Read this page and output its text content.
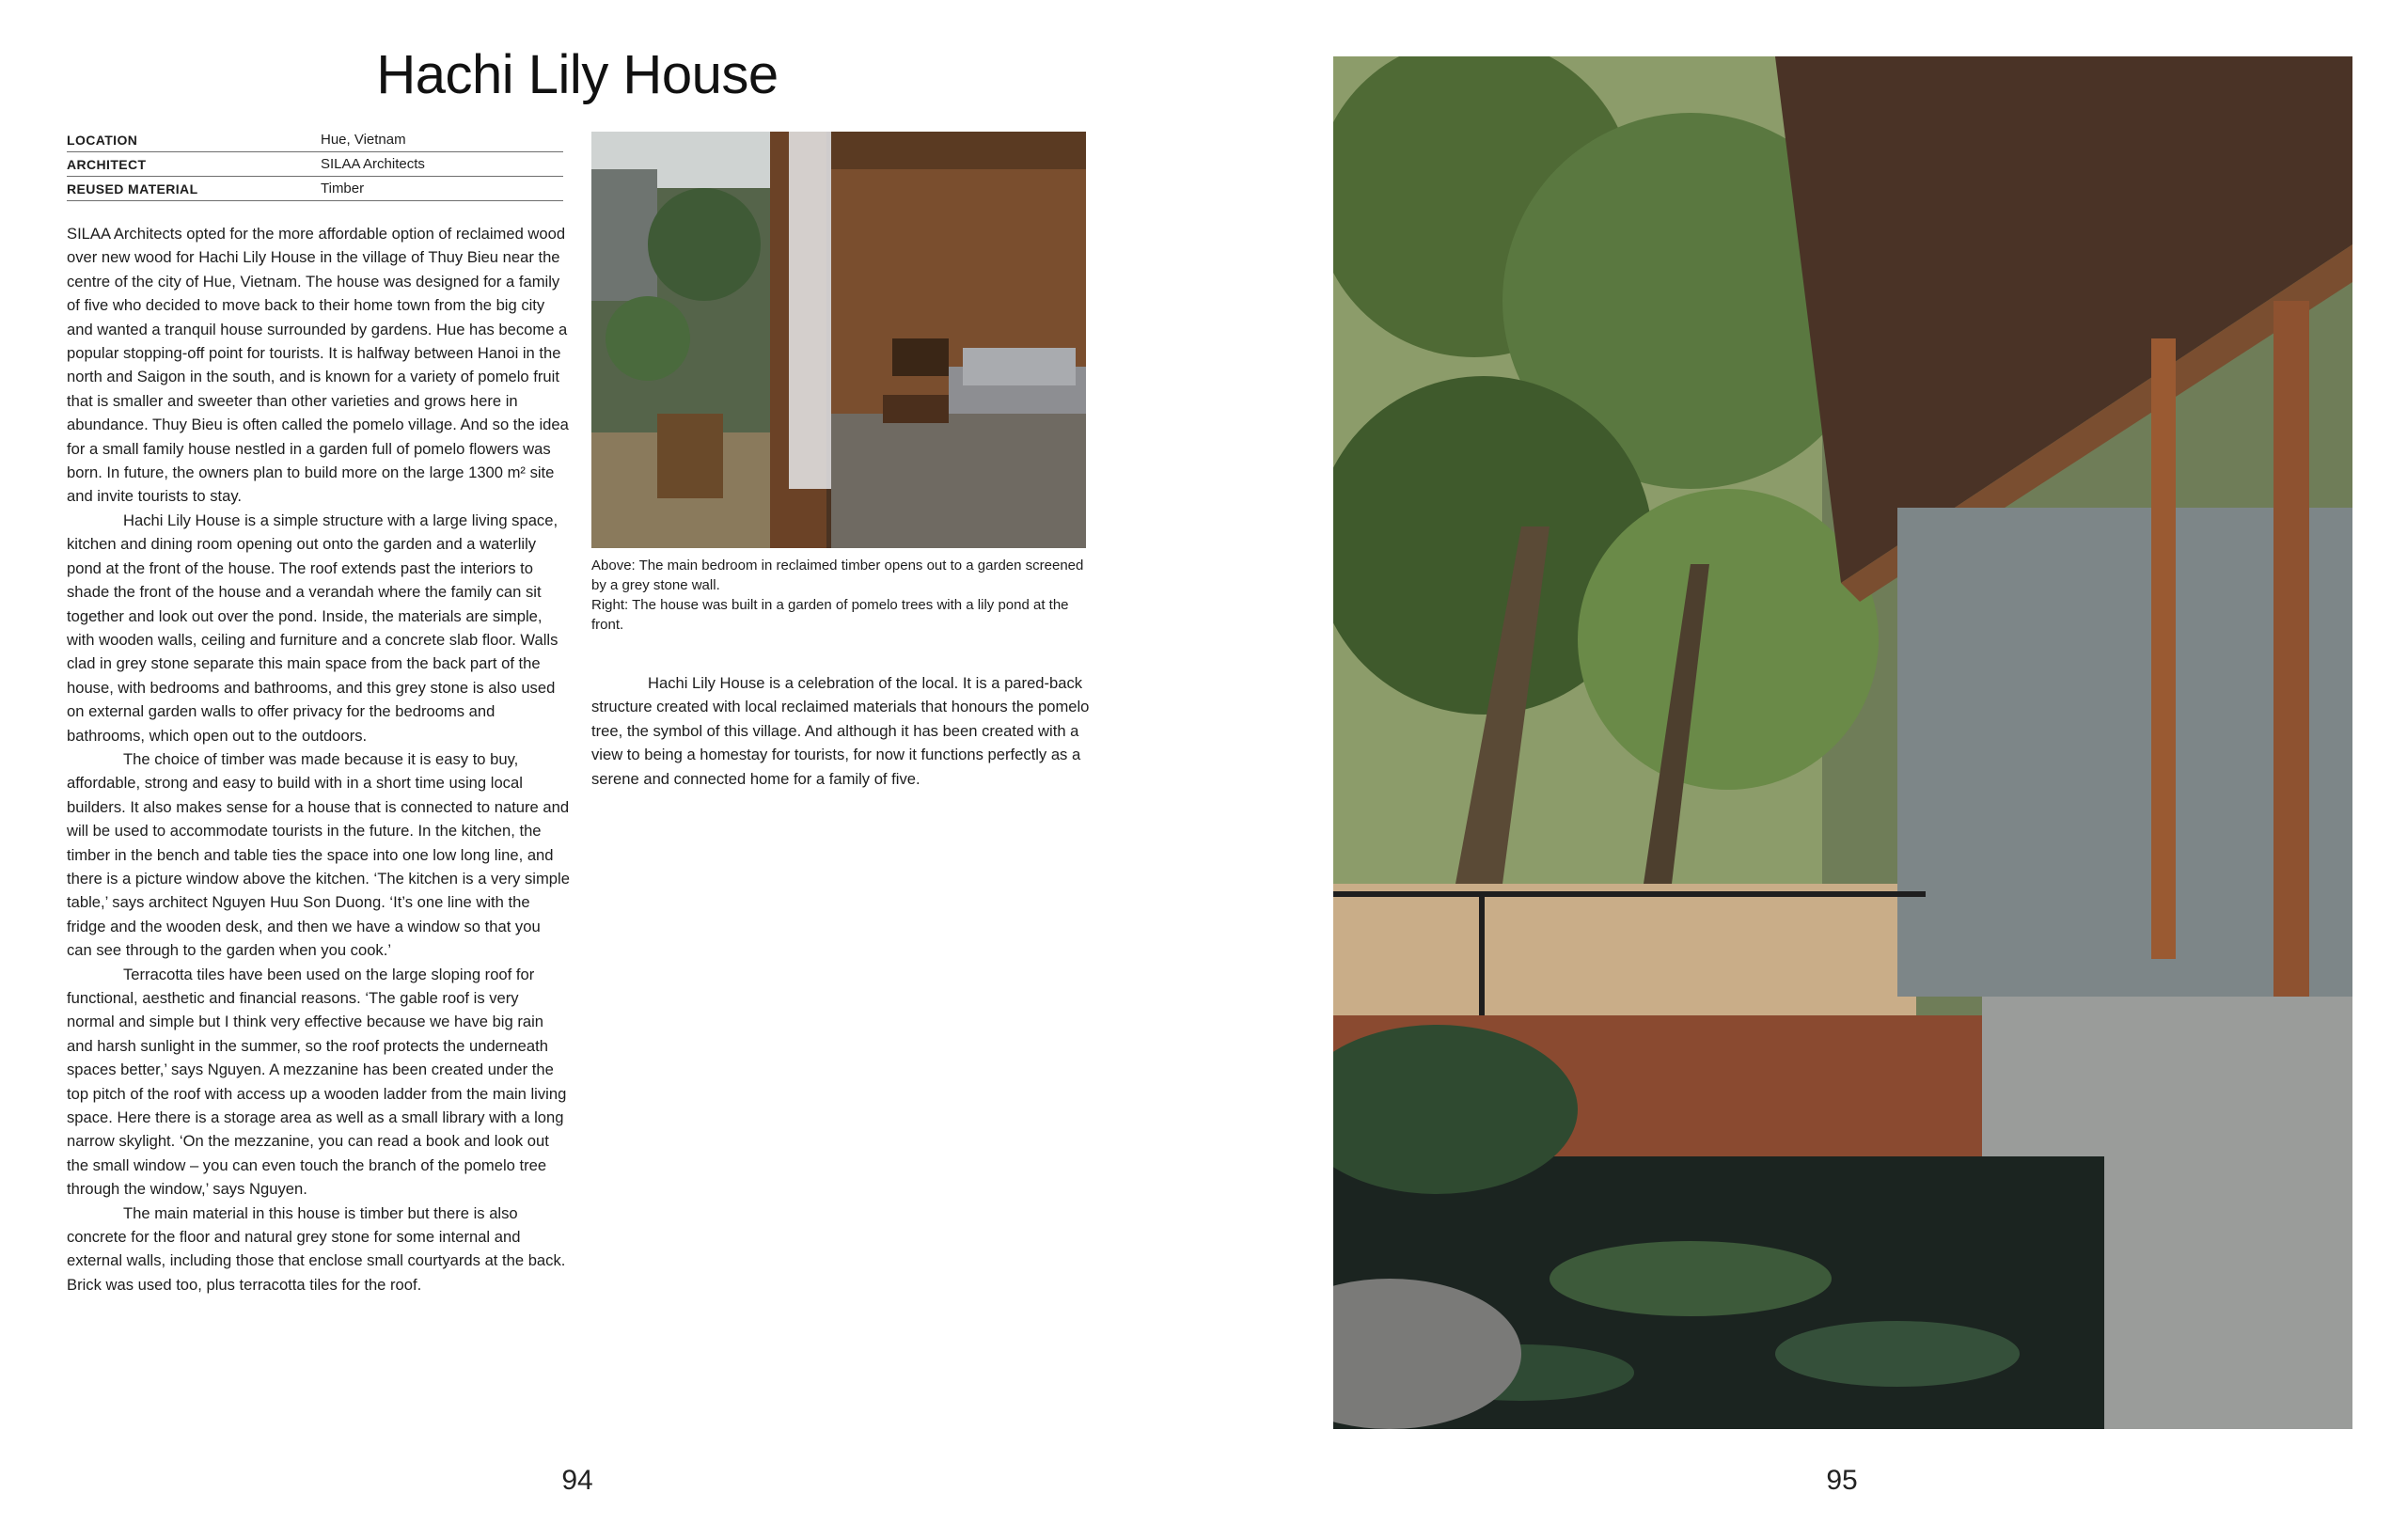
Hachi Lily House
LOCATION	Hue, Vietnam
ARCHITECT	SILAA Architects
REUSED MATERIAL	Timber

SILAA Architects opted for the more affordable option of reclaimed wood over new wood for Hachi Lily House in the village of Thuy Bieu near the centre of the city of Hue, Vietnam. The house was designed for a family of five who decided to move back to their home town from the big city and wanted a tranquil house surrounded by gardens. Hue has become a popular stopping-off point for tourists. It is halfway between Hanoi in the north and Saigon in the south, and is known for a variety of pomelo fruit that is smaller and sweeter than other varieties and grows here in abundance. Thuy Bieu is often called the pomelo village. And so the idea for a small family house nestled in a garden full of pomelo flowers was born. In future, the owners plan to build more on the large 1300 m² site and invite tourists to stay.

Hachi Lily House is a simple structure with a large living space, kitchen and dining room opening out onto the garden and a waterlily pond at the front of the house. The roof extends past the interiors to shade the front of the house and a verandah where the family can sit together and look out over the pond. Inside, the materials are simple, with wooden walls, ceiling and furniture and a concrete slab floor. Walls clad in grey stone separate this main space from the back part of the house, with bedrooms and bathrooms, and this grey stone is also used on external garden walls to offer privacy for the bedrooms and bathrooms, which open out to the outdoors.

The choice of timber was made because it is easy to buy, affordable, strong and easy to build with in a short time using local builders. It also makes sense for a house that is connected to nature and will be used to accommodate tourists in the future. In the kitchen, the timber in the bench and table ties the space into one low long line, and there is a picture window above the kitchen. ‘The kitchen is a very simple table,’ says architect Nguyen Huu Son Duong. ‘It’s one line with the fridge and the wooden desk, and then we have a window so that you can see through to the garden when you cook.’

Terracotta tiles have been used on the large sloping roof for functional, aesthetic and financial reasons. ‘The gable roof is very normal and simple but I think very effective because we have big rain and harsh sunlight in the summer, so the roof protects the underneath spaces better,’ says Nguyen. A mezzanine has been created under the top pitch of the roof with access up a wooden ladder from the main living space. Here there is a storage area as well as a small library with a long narrow skylight. ‘On the mezzanine, you can read a book and look out the small window – you can even touch the branch of the pomelo tree through the window,’ says Nguyen.

The main material in this house is timber but there is also concrete for the floor and natural grey stone for some internal and external walls, including those that enclose small courtyards at the back. Brick was used too, plus terracotta tiles for the roof.

Above: The main bedroom in reclaimed timber opens out to a garden screened by a grey stone wall.
Right: The house was built in a garden of pomelo trees with a lily pond at the front.

Hachi Lily House is a celebration of the local. It is a pared-back structure created with local reclaimed materials that honours the pomelo tree, the symbol of this village. And although it has been created with a view to being a homestay for tourists, for now it functions perfectly as a serene and connected home for a family of five.

94	95
